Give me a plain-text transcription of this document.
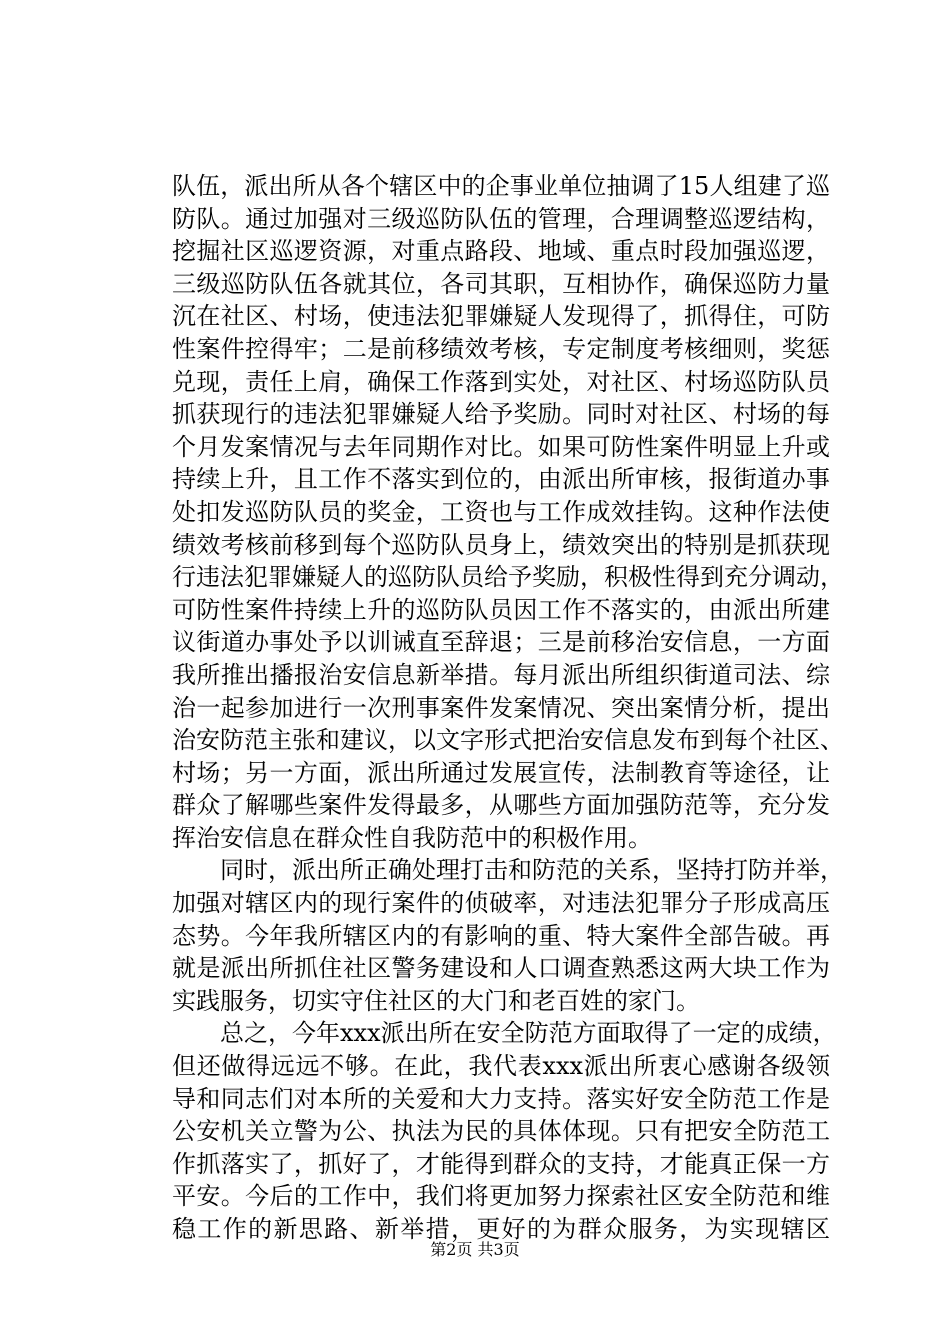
队伍，派出所从各个辖区中的企事业单位抽调了15人组建了巡
防队。通过加强对三级巡防队伍的管理，合理调整巡逻结构，
挖掘社区巡逻资源，对重点路段、地域、重点时段加强巡逻，
三级巡防队伍各就其位，各司其职，互相协作，确保巡防力量
沉在社区、村场，使违法犯罪嫌疑人发现得了，抓得住，可防
性案件控得牢；二是前移绩效考核，专定制度考核细则，奖惩
兑现，责任上肩，确保工作落到实处，对社区、村场巡防队员
抓获现行的违法犯罪嫌疑人给予奖励。同时对社区、村场的每
个月发案情况与去年同期作对比。如果可防性案件明显上升或
持续上升，且工作不落实到位的，由派出所审核，报街道办事
处扣发巡防队员的奖金，工资也与工作成效挂钩。这种作法使
绩效考核前移到每个巡防队员身上，绩效突出的特别是抓获现
行违法犯罪嫌疑人的巡防队员给予奖励，积极性得到充分调动，
可防性案件持续上升的巡防队员因工作不落实的，由派出所建
议街道办事处予以训诫直至辞退；三是前移治安信息，一方面
我所推出播报治安信息新举措。每月派出所组织街道司法、综
治一起参加进行一次刑事案件发案情况、突出案情分析，提出
治安防范主张和建议，以文字形式把治安信息发布到每个社区、
村场；另一方面，派出所通过发展宣传，法制教育等途径，让
群众了解哪些案件发得最多，从哪些方面加强防范等，充分发
挥治安信息在群众性自我防范中的积极作用。
　　同时，派出所正确处理打击和防范的关系，坚持打防并举，
加强对辖区内的现行案件的侦破率，对违法犯罪分子形成高压
态势。今年我所辖区内的有影响的重、特大案件全部告破。再
就是派出所抓住社区警务建设和人口调查熟悉这两大块工作为
实践服务，切实守住社区的大门和老百姓的家门。
　　总之，今年xxx派出所在安全防范方面取得了一定的成绩，
但还做得远远不够。在此，我代表xxx派出所衷心感谢各级领
导和同志们对本所的关爱和大力支持。落实好安全防范工作是
公安机关立警为公、执法为民的具体体现。只有把安全防范工
作抓落实了，抓好了，才能得到群众的支持，才能真正保一方
平安。今后的工作中，我们将更加努力探索社区安全防范和维
稳工作的新思路、新举措，更好的为群众服务，为实现辖区
第2页 共3页
